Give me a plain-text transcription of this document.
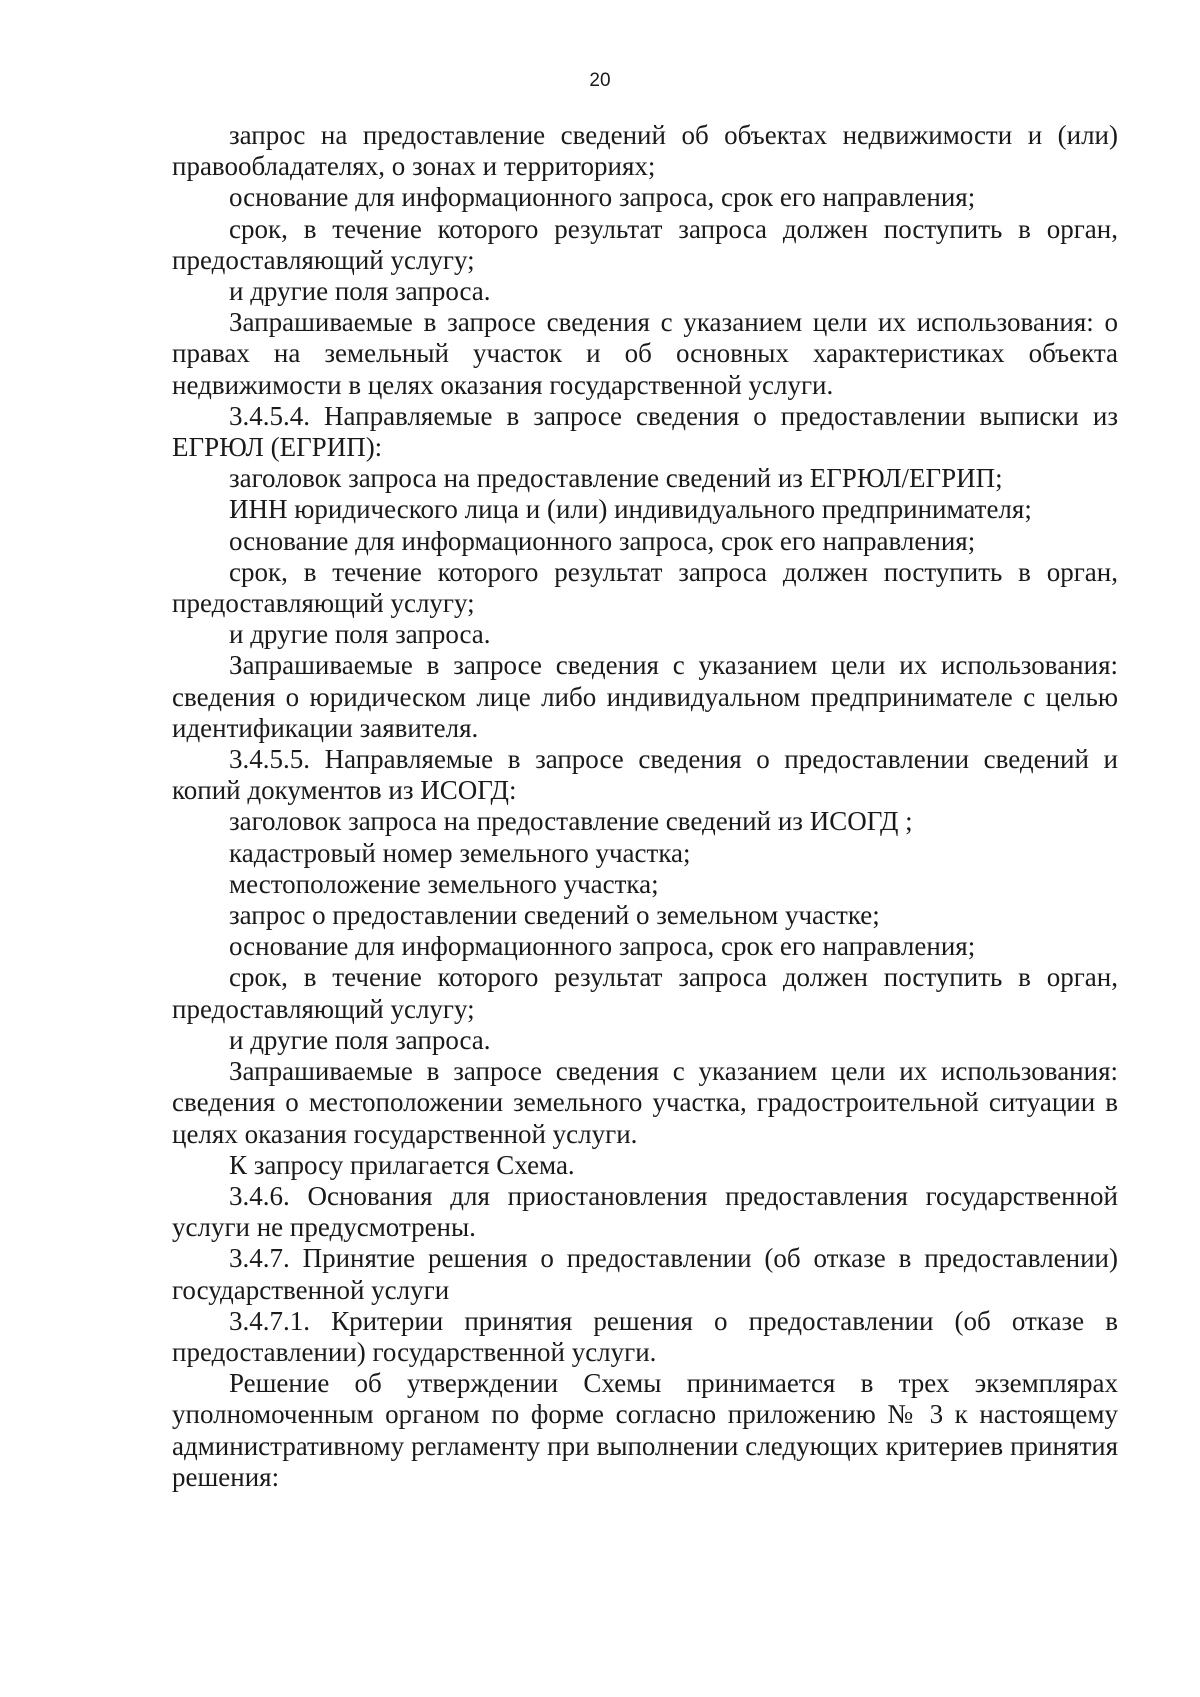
20

запрос на предоставление сведений об объектах недвижимости и (или) правообладателях, о зонах и территориях;

основание для информационного запроса, срок его направления;

срок, в течение которого результат запроса должен поступить в орган, предоставляющий услугу;

и другие поля запроса.

Запрашиваемые в запросе сведения с указанием цели их использования: о правах на земельный участок и об основных характеристиках объекта недвижимости в целях оказания государственной услуги.

3.4.5.4. Направляемые в запросе сведения о предоставлении выписки из ЕГРЮЛ (ЕГРИП):

заголовок запроса на предоставление сведений из ЕГРЮЛ/ЕГРИП;

ИНН юридического лица и (или) индивидуального предпринимателя;

основание для информационного запроса, срок его направления;

срок, в течение которого результат запроса должен поступить в орган, предоставляющий услугу;

и другие поля запроса.

Запрашиваемые в запросе сведения с указанием цели их использования: сведения о юридическом лице либо индивидуальном предпринимателе с целью идентификации заявителя.

3.4.5.5. Направляемые в запросе сведения о предоставлении сведений и копий документов из ИСОГД:

заголовок запроса на предоставление сведений из ИСОГД ;

кадастровый номер земельного участка;

местоположение земельного участка;

запрос о предоставлении сведений о земельном участке;

основание для информационного запроса, срок его направления;

срок, в течение которого результат запроса должен поступить в орган, предоставляющий услугу;

и другие поля запроса.

Запрашиваемые в запросе сведения с указанием цели их использования: сведения о местоположении земельного участка, градостроительной ситуации в целях оказания государственной услуги.

К запросу прилагается Схема.

3.4.6. Основания для приостановления предоставления государственной услуги не предусмотрены.

3.4.7. Принятие решения о предоставлении (об отказе в предоставлении) государственной услуги

3.4.7.1. Критерии принятия решения о предоставлении (об отказе в предоставлении) государственной услуги.

Решение об утверждении Схемы принимается в трех экземплярах уполномоченным органом по форме согласно приложению № 3 к настоящему административному регламенту при выполнении следующих критериев принятия решения:
